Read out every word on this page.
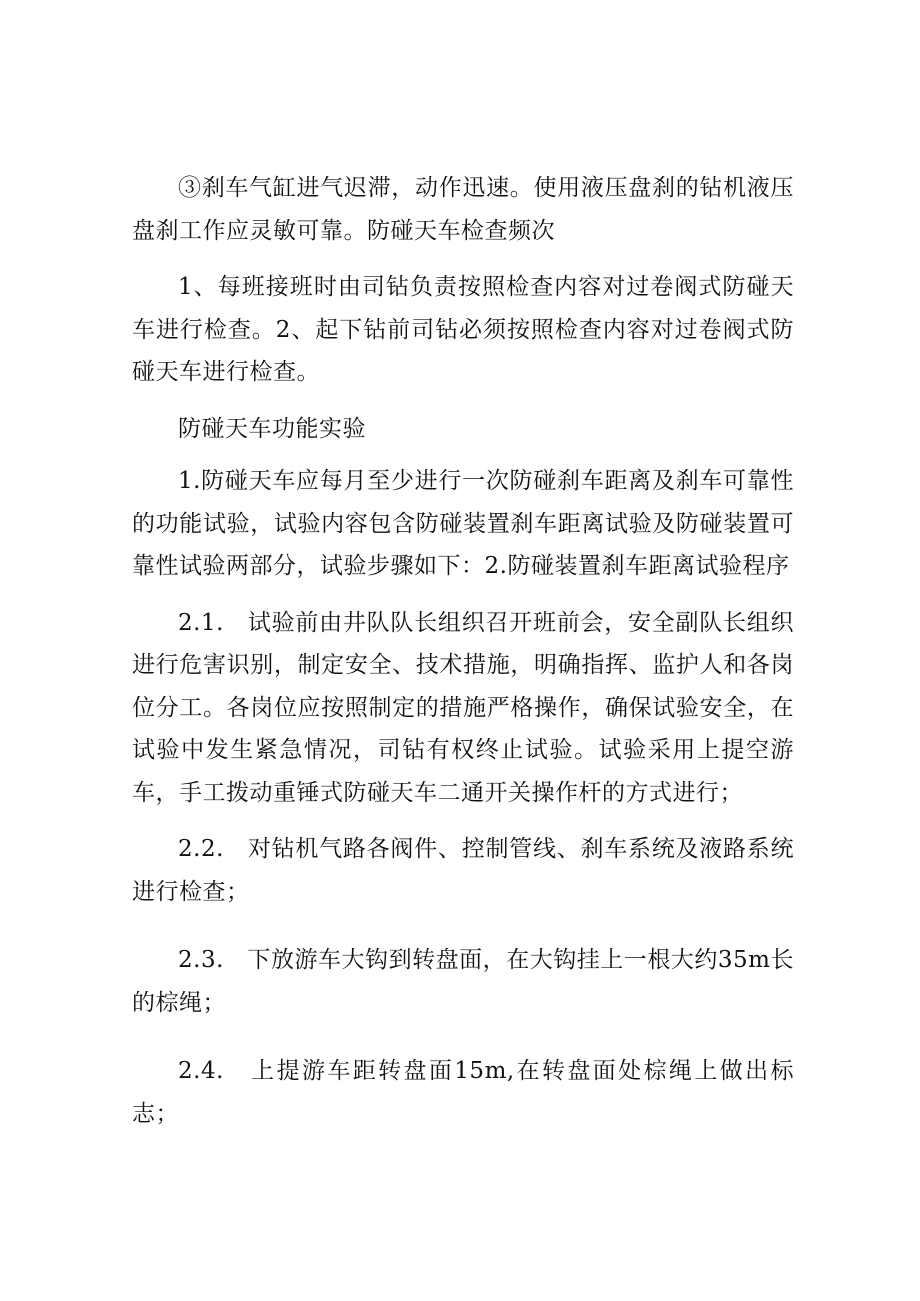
③刹车气缸进气迟滞，动作迅速。使用液压盘刹的钻机液压盘刹工作应灵敏可靠。防碰天车检查频次

1、每班接班时由司钻负责按照检查内容对过卷阀式防碰天车进行检查。2、起下钻前司钻必须按照检查内容对过卷阀式防碰天车进行检查。

防碰天车功能实验

1.防碰天车应每月至少进行一次防碰刹车距离及刹车可靠性的功能试验，试验内容包含防碰装置刹车距离试验及防碰装置可靠性试验两部分，试验步骤如下：2.防碰装置刹车距离试验程序

2.1.　试验前由井队队长组织召开班前会，安全副队长组织进行危害识别，制定安全、技术措施，明确指挥、监护人和各岗位分工。各岗位应按照制定的措施严格操作，确保试验安全，在试验中发生紧急情况，司钻有权终止试验。试验采用上提空游车，手工拨动重锤式防碰天车二通开关操作杆的方式进行；

2.2.　对钻机气路各阀件、控制管线、刹车系统及液路系统进行检查；

2.3.　下放游车大钩到转盘面，在大钩挂上一根大约35m长的棕绳；

2.4.　上提游车距转盘面15m,在转盘面处棕绳上做出标志；
